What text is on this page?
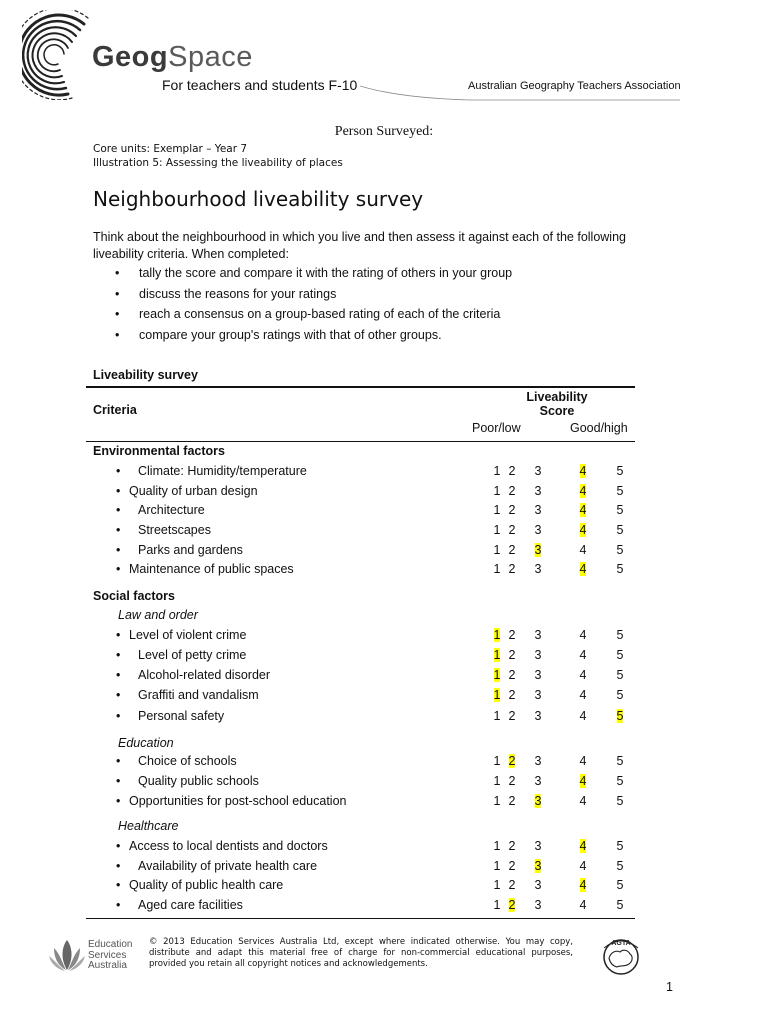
GeogSpace
For teachers and students F-10	Australian Geography Teachers Association
Person Surveyed:
Core units: Exemplar – Year 7
Illustration 5: Assessing the liveability of places
Neighbourhood liveability survey
Think about the neighbourhood in which you live and then assess it against each of the following liveability criteria. When completed:
• tally the score and compare it with the rating of others in your group
• discuss the reasons for your ratings
• reach a consensus on a group-based rating of each of the criteria
• compare your group's ratings with that of other groups.
Liveability survey
Criteria
Liveability
Score
Poor/low	Good/high
Environmental factors
• Climate: Humidity/temperature	1 2 3	4 5
• Quality of urban design	1 2 3	4 5
• Architecture	1 2 3	4 5
• Streetscapes	1 2 3	4 5
• Parks and gardens	1 2 3	4 5
• Maintenance of public spaces	1 2 3	4 5
Social factors
Law and order
• Level of violent crime	1 2 3	4 5
• Level of petty crime	1 2 3	4 5
• Alcohol-related disorder	1 2 3	4 5
• Graffiti and vandalism	1 2 3	4 5
• Personal safety	1 2 3	4 5
Education
• Choice of schools	1 2 3	4 5
• Quality public schools	1 2 3	4 5
• Opportunities for post-school education	1 2 3	4 5
Healthcare
• Access to local dentists and doctors	1 2 3	4 5
• Availability of private health care	1 2 3	4 5
• Quality of public health care	1 2 3	4 5
• Aged care facilities	1 2 3	4 5
Education
Services
Australia
© 2013 Education Services Australia Ltd, except where indicated otherwise. You may copy, distribute and adapt this material free of charge for non-commercial educational purposes, provided you retain all copyright notices and acknowledgements.
AGTA
1
